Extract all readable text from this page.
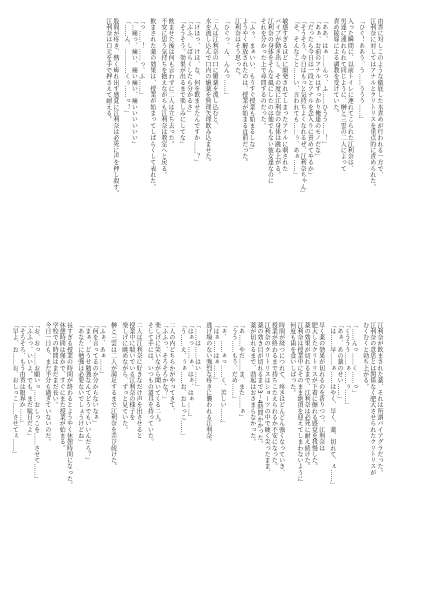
由香に対しこのような徹底した水責めが行われる一方で、
江利奈に対してはアナルとクリトリスを重点的に責められた。
「ひぐ！ああう、う……ううう……」
入った瞬間に、以前トイレに連れてこられた江利奈は、
男達に連れられて同じように、榊と三雲の二人によって
責め陵辱による調教を受けていた。
「ああ、はぁ……んっ、ふ……ひうう……！」
「あぁ、お前のアナルはすっかり俺達のモノだな」
「だったら今日は一段とアナルを念入りに責めてやるか」
「そうそう、今日はもっと気持ちよくなれるぜ、江利奈ちゃん」
「そ、そんなこと……い、言われても……ぅ、あぁ……」
敏感すぎるほどに開発されてしまったアナルに刺された
バイブが動き出し、その度に江利奈の身体は跳ね上がる。
江利奈の身体をそんな風にしたのは他でもない彼女達なのに
それを分かった上で尋問するのだった。
「ふぅ、まぁいい、もうすぐ授業も始まるしな」
ようやく解放されたのは、授業が始まる直前だった。
江利奈はそう思った。
「ひぐっ、ん、んんっ……」
二人は江利奈の口に媚薬を流し込むと、
水を流し込んで口内の媚薬を無理矢理飲み込ませた。
「けほっ、けほ、な、何を飲ませたんですか……？」
「ふふ、しばらくしたら分かるさ」
「そうそう。効果が出るまで楽しみにしてな」
飲ませた後は何も言わずに二人は立ち去った。
不安に思う気持ちを抱えながらも江利奈は教室へと戻る。
飲まされた薬の効果は、授業が始まってしばらくして表れた。
「っ……！……っ、ふ……」
「…痛っ、痛い、痛い痛い、痛いいいいいい」
「……ん、…………くぅ……っ！」
股間が疼き、熱く痺れ出す感覚に江利奈は必死に声を押し殺す。
江利奈は口元を手で押さえて耐える。
江利奈が飲まされた薬、それは所謂バイアグラだった。
江利奈の意思とは関係なく肥大させられたクリトリスが
むくむくと勃ち上がる。
「……んっ……く……っ」
「くううう……ぁ……ぅ……」
「あぁ、あの薬のせい……」
「は……早……ぁ……はやく、早く、薬、切れて、ぇ……」
早く薬の効果が切れるのを祈りつつ、江利奈は
肥大したクリトリスが下着に擦れる感覚を我慢した。
薬の効果が切れるまで、江利奈は必死に耐え続けた。
江利奈は授業中にそのまま絶頂を迎えてしまわないように
何度も歯を食いしばった。
時間が経つにつれて、疼きはどんどん強くなっていき、
授業が終わるまで持ちこたえられるか不安になった。
江利奈のクリトリスはショーツの中で硬く尖ったまま、
薬の効き目が切れるまで3〜4時間かかった。
薬が切れるまで、勃起はおさまらなかった。
「あ……やだ……ま、また……ぁ」
「うう……もう、だめ……」
「ぁ、……ぁっ……く、苦しい……」
「はぁ……はぁ……」
逃げ場のない強烈な疼きに襲われる江利奈。
「……は……はい……」
「はぁっ……ぁ、はぁ、はぁ……」
「う……え、ぅぁ……お、おしっこ……」
二人の内どちらかがやってきて、
「ふふっ、そろそろかな？」
楽しげに笑いながら聞いてくる二人。
そして手には、いつもの道具を持っていた。
二人は江利奈に好きなだけ声を出させると
授業中に喘いでいる江利奈の様子を
楽しげに眺めながら、ずっと見ていた。
榊と三雲は二人が満足するまで江利奈を弄び続けた。
「ふぁ、あぁ……」
「何を言ってるのか分からないなぁ」
「まぁ、どうせ勉強なんてどうでもいいんだろ？」
「あなたに勉強は必要ないでしょうけどね」
長すぎる授業の時間が終わるとようやく休憩時間になった。
休憩時間は僅かで、すぐにまた授業が始まる。
学校での時間はまだまだ長い。
今日一日も、まだ半分も過ぎていないのだ。
「お、おっ……お願いっ……おしっこを……させて……」
「ふふっ、いいよ。でも、まだ駄目だよ」
「そろそろ、もう由香は限界か……」
「早よ、お……お、おしっこ……させてぇ……」
